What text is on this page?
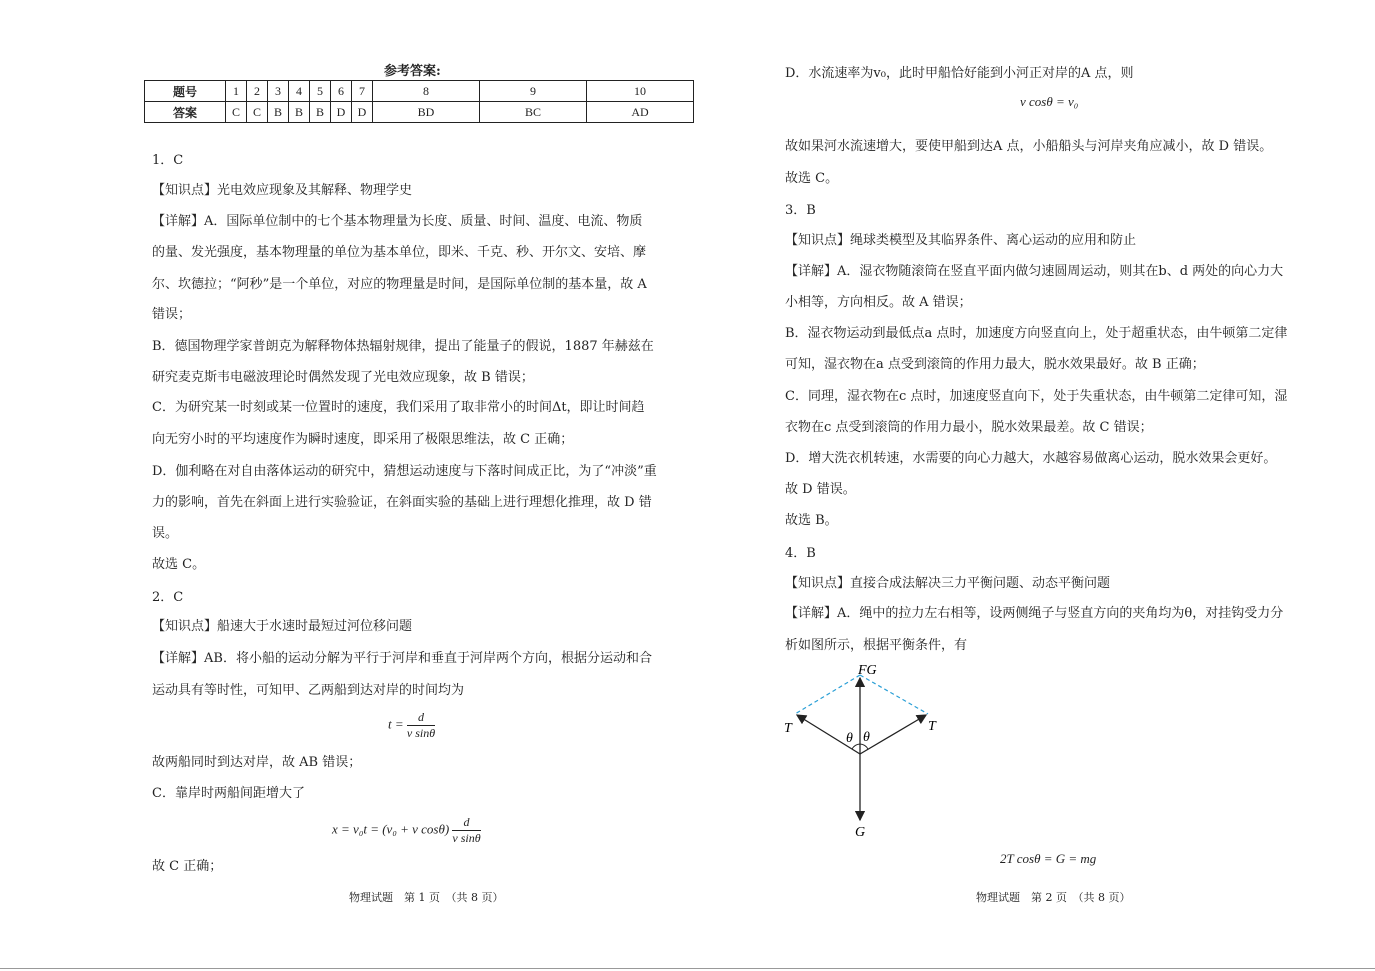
参考答案:
题号	1	2	3	4	5	6	7	8	9	10
答案	C	C	B	B	B	D	D	BD	BC	AD
1．C
【知识点】光电效应现象及其解释、物理学史
【详解】A．国际单位制中的七个基本物理量为长度、质量、时间、温度、电流、物质
的量、发光强度，基本物理量的单位为基本单位，即米、千克、秒、开尔文、安培、摩
尔、坎德拉；“阿秒”是一个单位，对应的物理量是时间，是国际单位制的基本量，故 A
错误；
B．德国物理学家普朗克为解释物体热辐射规律，提出了能量子的假说，1887 年赫兹在
研究麦克斯韦电磁波理论时偶然发现了光电效应现象，故 B 错误；
C．为研究某一时刻或某一位置时的速度，我们采用了取非常小的时间Δt，即让时间趋
向无穷小时的平均速度作为瞬时速度，即采用了极限思维法，故 C 正确；
D．伽利略在对自由落体运动的研究中，猜想运动速度与下落时间成正比，为了“冲淡”重
力的影响，首先在斜面上进行实验验证，在斜面实验的基础上进行理想化推理，故 D 错
误。
故选 C。
2．C
【知识点】船速大于水速时最短过河位移问题
【详解】AB．将小船的运动分解为平行于河岸和垂直于河岸两个方向，根据分运动和合
运动具有等时性，可知甲、乙两船到达对岸的时间均为
$t = \frac{d}{\text{v sinθ}}$
故两船同时到达对岸，故 AB 错误；
C．靠岸时两船间距增大了
x = v₀t = (v₀ + v $\cos\theta) \frac{d}{\text{v sinθ}}$
故 C 正确；
物理试题　第 1 页　（共 8 页）
D．水流速率为v₀，此时甲船恰好能到小河正对岸的A 点，则
v cosθ = v₀
故如果河水流速增大，要使甲船到达A 点，小船船头与河岸夹角应减小，故 D 错误。
故选 C。
3．B
【知识点】绳球类模型及其临界条件、离心运动的应用和防止
【详解】A．湿衣物随滚筒在竖直平面内做匀速圆周运动，则其在b、d 两处的向心力大
小相等，方向相反。故 A 错误；
B．湿衣物运动到最低点a 点时，加速度方向竖直向上，处于超重状态，由牛顿第二定律
可知，湿衣物在a 点受到滚筒的作用力最大，脱水效果最好。故 B 正确；
C．同理，湿衣物在c 点时，加速度竖直向下，处于失重状态，由牛顿第二定律可知，湿
衣物在c 点受到滚筒的作用力最小，脱水效果最差。故 C 错误；
D．增大洗衣机转速，水需要的向心力越大，水越容易做离心运动，脱水效果会更好。
故 D 错误。
故选 B。
4．B
【知识点】直接合成法解决三力平衡问题、动态平衡问题
【详解】A．绳中的拉力左右相等，设两侧绳子与竖直方向的夹角均为θ，对挂钩受力分
析如图所示，根据平衡条件，有
2T cosθ = G = mg
物理试题　第 2 页　（共 8 页）
FG
T	T
θ θ
G
